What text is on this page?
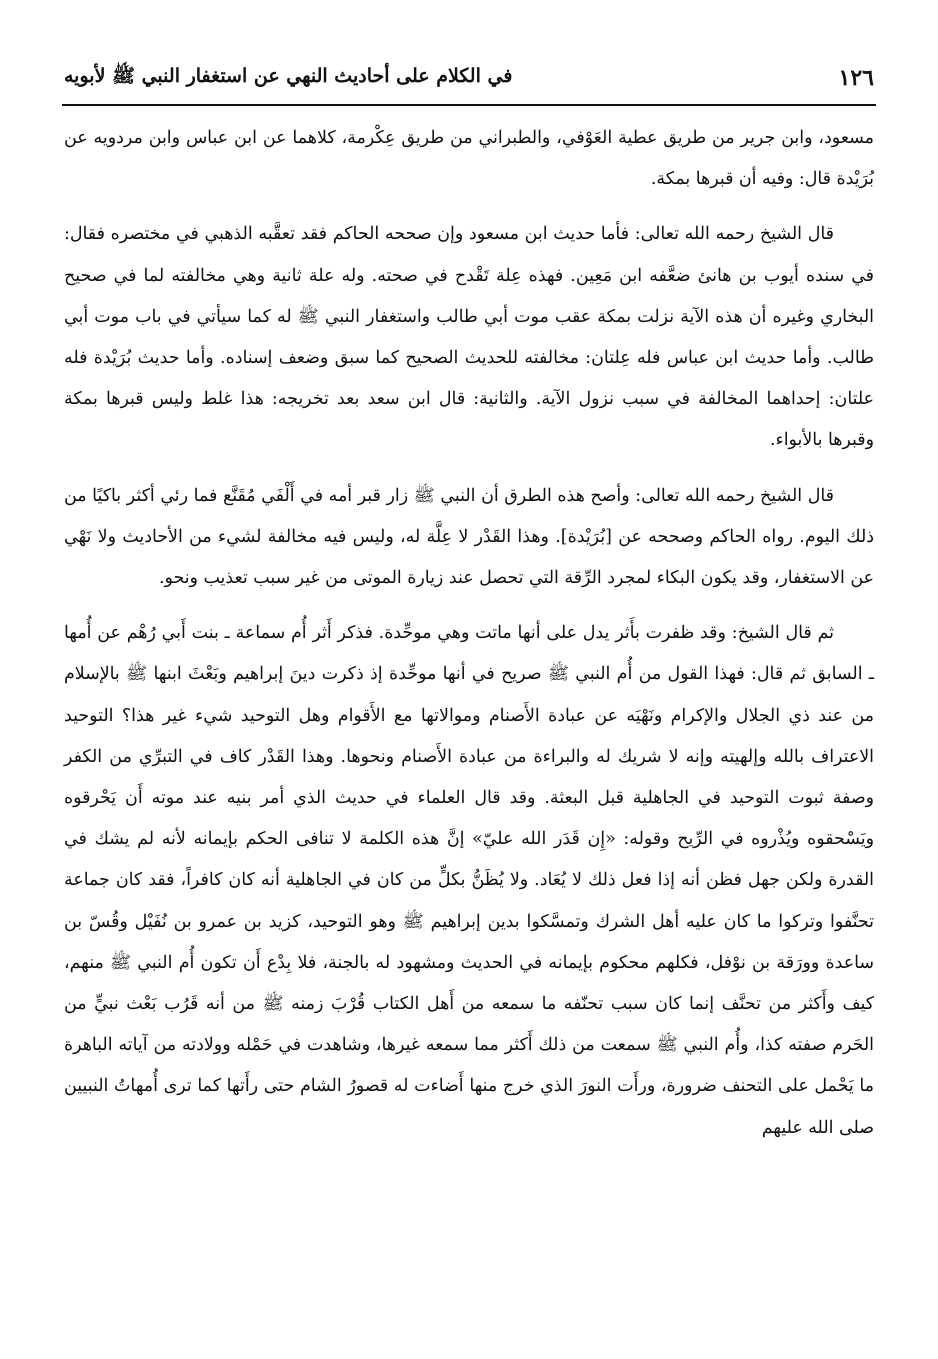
١٢٦
في الكلام على أحاديث النهي عن استغفار النبي ﷺ لأبويه

مسعود، وابن جرير من طريق عطية العَوْفي، والطبراني من طريق عِكْرمة، كلاهما عن ابن عباس وابن مردويه عن بُرَيْدة قال: وفيه أن قبرها بمكة.

قال الشيخ رحمه الله تعالى: فأما حديث ابن مسعود وإن صححه الحاكم فقد تعقَّبه الذهبي في مختصره فقال: في سنده أيوب بن هانئ ضعَّفه ابن مَعِين. فهذه عِلة تَقْدح في صحته. وله علة ثانية وهي مخالفته لما في صحيح البخاري وغيره أن هذه الآية نزلت بمكة عقب موت أبي طالب واستغفار النبي ﷺ له كما سيأتي في باب موت أبي طالب. وأما حديث ابن عباس فله عِلتان: مخالفته للحديث الصحيح كما سبق وضعف إسناده. وأما حديث بُرَيْدة فله علتان: إحداهما المخالفة في سبب نزول الآية. والثانية: قال ابن سعد بعد تخريجه: هذا غلط وليس قبرها بمكة وقبرها بالأبواء.

قال الشيخ رحمه الله تعالى: وأصح هذه الطرق أن النبي ﷺ زار قبر أمه في أَلْفَي مُقَنَّع فما رئي أكثر باكيًا من ذلك اليوم. رواه الحاكم وصححه عن [بُرَيْدة]. وهذا القَدْر لا عِلَّة له، وليس فيه مخالفة لشيء من الأحاديث ولا نَهْي عن الاستغفار، وقد يكون البكاء لمجرد الرِّقة التي تحصل عند زيارة الموتى من غير سبب تعذيب ونحو.

ثم قال الشيخ: وقد ظفرت بأَثر يدل على أنها ماتت وهي موحِّدة. فذكر أَثر أُم سماعة ـ بنت أَبي رُهْم عن أُمها ـ السابق ثم قال: فهذا القول من أُم النبي ﷺ صريح في أنها موحِّدة إذ ذكرت دينَ إبراهيم وبَعْثَ ابنها ﷺ بالإسلام من عند ذي الجلال والإكرام ونَهْيَه عن عبادة الأَصنام وموالاتها مع الأَقوام وهل التوحيد شيء غير هذا؟ التوحيد الاعتراف بالله وإلهيته وإنه لا شريك له والبراءة من عبادة الأَصنام ونحوها. وهذا القَدْر كاف في التبرِّي من الكفر وصفة ثبوت التوحيد في الجاهلية قبل البعثة. وقد قال العلماء في حديث الذي أمر بنيه عند موته أَن يَحْرقوه ويَسْحقوه ويُذْروه في الرِّيح وقوله: «إِن قَدَر الله عليّ» إنَّ هذه الكلمة لا تنافى الحكم بإيمانه لأنه لم يشك في القدرة ولكن جهل فظن أنه إذا فعل ذلك لا يُعَاد. ولا يُظَنُّ بكلٍّ من كان في الجاهلية أنه كان كافراً، فقد كان جماعة تحنَّفوا وتركوا ما كان عليه أهل الشرك وتمسَّكوا بدين إبراهيم ﷺ وهو التوحيد، كزيد بن عمرو بن نُفَيْل وقُسّ بن ساعدة وورَقة بن نوْفل، فكلهم محكوم بإيمانه في الحديث ومشهود له بالجنة، فلا بِدْع أَن تكون أُم النبي ﷺ منهم، كيف وأَكثر من تحنَّف إنما كان سبب تحنّفه ما سمعه من أَهل الكتاب قُرْبَ زمنه ﷺ من أنه قَرُب بَعْث نبيٍّ من الحَرم صفته كذا، وأُم النبي ﷺ سمعت من ذلك أَكثر مما سمعه غيرها، وشاهدت في حَمْله وولادته من آياته الباهرة ما يَحْمل على التحنف ضرورة، ورأَت النورَ الذي خرج منها أَضاءت له قصورُ الشام حتى رأَتها كما ترى أُمهاتُ النبيين صلى الله عليهم
